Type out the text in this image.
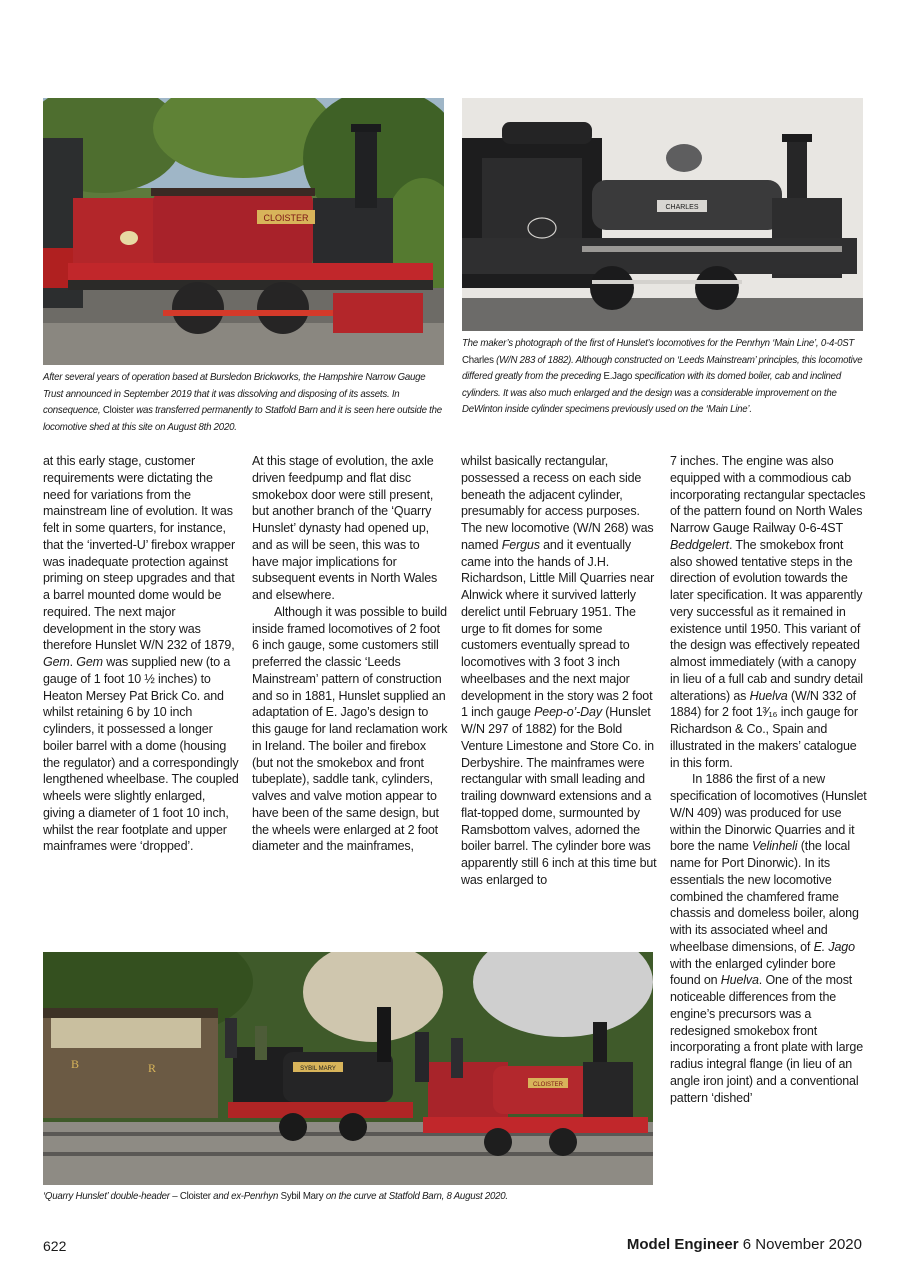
CLOISTER
CHARLES
After several years of operation based at Bursledon Brickworks, the Hampshire Narrow Gauge Trust announced in September 2019 that it was dissolving and disposing of its assets. In consequence, Cloister was transferred permanently to Statfold Barn and it is seen here outside the locomotive shed at this site on August 8th 2020.
The maker’s photograph of the first of Hunslet’s locomotives for the Penrhyn ‘Main Line’, 0-4-0ST Charles (W/N 283 of 1882). Although constructed on ‘Leeds Mainstream’ principles, this locomotive differed greatly from the preceding E.Jago specification with its domed boiler, cab and inclined cylinders. It was also much enlarged and the design was a considerable improvement on the DeWinton inside cylinder specimens previously used on the ‘Main Line’.

at this early stage, customer requirements were dictating the need for variations from the mainstream line of evolution. It was felt in some quarters, for instance, that the ‘inverted-U’ firebox wrapper was inadequate protection against priming on steep upgrades and that a barrel mounted dome would be required. The next major development in the story was therefore Hunslet W/N 232 of 1879, Gem. Gem was supplied new (to a gauge of 1 foot 10 ½ inches) to Heaton Mersey Pat Brick Co. and whilst retaining 6 by 10 inch cylinders, it possessed a longer boiler barrel with a dome (housing the regulator) and a correspondingly lengthened wheelbase. The coupled wheels were slightly enlarged, giving a diameter of 1 foot 10 inch, whilst the rear footplate and upper mainframes were ‘dropped’.

At this stage of evolution, the axle driven feedpump and flat disc smokebox door were still present, but another branch of the ‘Quarry Hunslet’ dynasty had opened up, and as will be seen, this was to have major implications for subsequent events in North Wales and elsewhere.

Although it was possible to build inside framed locomotives of 2 foot 6 inch gauge, some customers still preferred the classic ‘Leeds Mainstream’ pattern of construction and so in 1881, Hunslet supplied an adaptation of E. Jago’s design to this gauge for land reclamation work in Ireland. The boiler and firebox (but not the smokebox and front tubeplate), saddle tank, cylinders, valves and valve motion appear to have been of the same design, but the wheels were enlarged at 2 foot diameter and the mainframes,

whilst basically rectangular, possessed a recess on each side beneath the adjacent cylinder, presumably for access purposes. The new locomotive (W/N 268) was named Fergus and it eventually came into the hands of J.H. Richardson, Little Mill Quarries near Alnwick where it survived latterly derelict until February 1951. The urge to fit domes for some customers eventually spread to locomotives with 3 foot 3 inch wheelbases and the next major development in the story was 2 foot 1 inch gauge Peep-o’-Day (Hunslet W/N 297 of 1882) for the Bold Venture Limestone and Store Co. in Derbyshire. The mainframes were rectangular with small leading and trailing downward extensions and a flat-topped dome, surmounted by Ramsbottom valves, adorned the boiler barrel. The cylinder bore was apparently still 6 inch at this time but was enlarged to

7 inches. The engine was also equipped with a commodious cab incorporating rectangular spectacles of the pattern found on North Wales Narrow Gauge Railway 0-6-4ST Beddgelert. The smokebox front also showed tentative steps in the direction of evolution towards the later specification. It was apparently very successful as it remained in existence until 1950. This variant of the design was effectively repeated almost immediately (with a canopy in lieu of a full cab and sundry detail alterations) as Huelva (W/N 332 of 1884) for 2 foot 1³⁄₁₆ inch gauge for Richardson & Co., Spain and illustrated in the makers’ catalogue in this form.

In 1886 the first of a new specification of locomotives (Hunslet W/N 409) was produced for use within the Dinorwic Quarries and it bore the name Velinheli (the local name for Port Dinorwic). In its essentials the new locomotive combined the chamfered frame chassis and domeless boiler, along with its associated wheel and wheelbase dimensions, of E. Jago with the enlarged cylinder bore found on Huelva. One of the most noticeable differences from the engine’s precursors was a redesigned smokebox front incorporating a front plate with large radius integral flange (in lieu of an angle iron joint) and a conventional pattern ‘dished’

B	R	SYBIL MARY
CLOISTER
‘Quarry Hunslet’ double-header – Cloister and ex-Penrhyn Sybil Mary on the curve at Statfold Barn, 8 August 2020.
622	Model Engineer 6 November 2020
